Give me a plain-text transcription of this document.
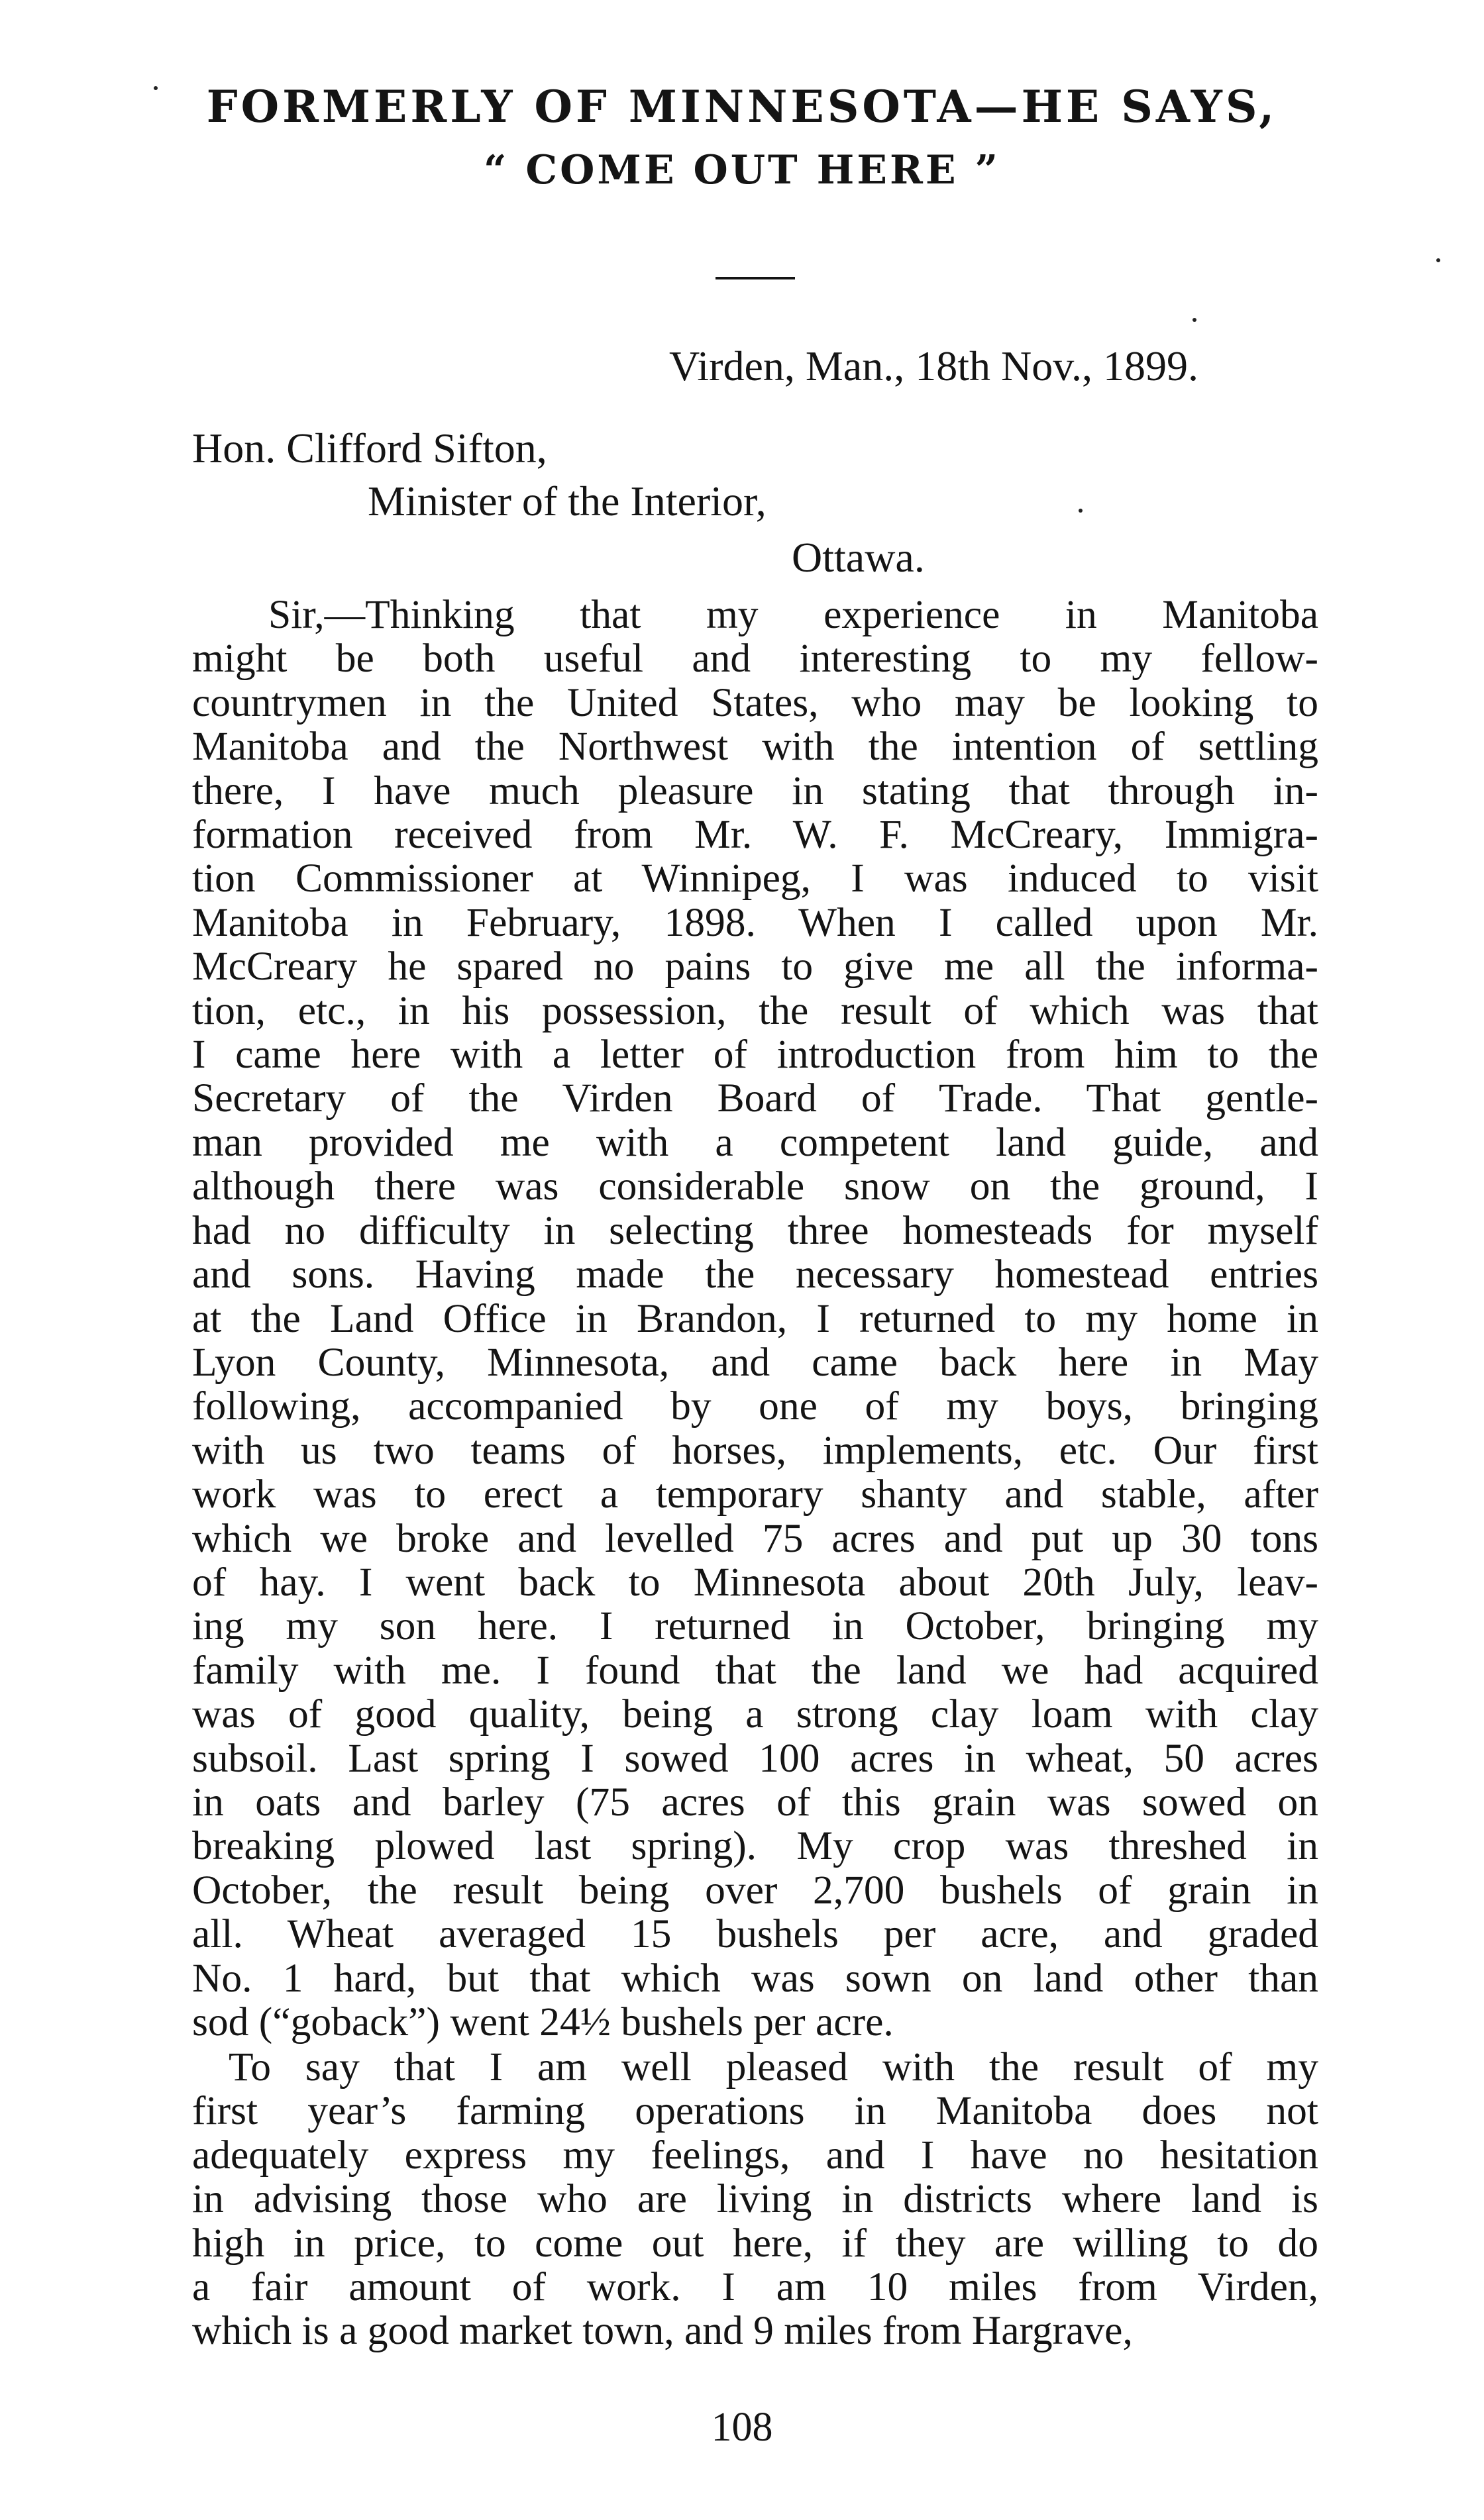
FORMERLY OF MINNESOTA—HE SAYS,
“ COME OUT HERE ”
Virden, Man., 18th Nov., 1899.
Hon. Clifford Sifton,
Minister of the Interior,
Ottawa.
Sir,—Thinking that my experience in Manitoba
might be both useful and interesting to my fellow-
countrymen in the United States, who may be looking to
Manitoba and the Northwest with the intention of settling
there, I have much pleasure in stating that through in-
formation received from Mr. W. F. McCreary, Immigra-
tion Commissioner at Winnipeg, I was induced to visit
Manitoba in February, 1898. When I called upon Mr.
McCreary he spared no pains to give me all the informa-
tion, etc., in his possession, the result of which was that
I came here with a letter of introduction from him to the
Secretary of the Virden Board of Trade. That gentle-
man provided me with a competent land guide, and
although there was considerable snow on the ground, I
had no difficulty in selecting three homesteads for myself
and sons. Having made the necessary homestead entries
at the Land Office in Brandon, I returned to my home in
Lyon County, Minnesota, and came back here in May
following, accompanied by one of my boys, bringing
with us two teams of horses, implements, etc. Our first
work was to erect a temporary shanty and stable, after
which we broke and levelled 75 acres and put up 30 tons
of hay. I went back to Minnesota about 20th July, leav-
ing my son here. I returned in October, bringing my
family with me. I found that the land we had acquired
was of good quality, being a strong clay loam with clay
subsoil. Last spring I sowed 100 acres in wheat, 50 acres
in oats and barley (75 acres of this grain was sowed on
breaking plowed last spring). My crop was threshed in
October, the result being over 2,700 bushels of grain in
all. Wheat averaged 15 bushels per acre, and graded
No. 1 hard, but that which was sown on land other than
sod (“goback”) went 24½ bushels per acre.
To say that I am well pleased with the result of my
first year’s farming operations in Manitoba does not
adequately express my feelings, and I have no hesitation
in advising those who are living in districts where land is
high in price, to come out here, if they are willing to do
a fair amount of work. I am 10 miles from Virden,
which is a good market town, and 9 miles from Hargrave,
108
